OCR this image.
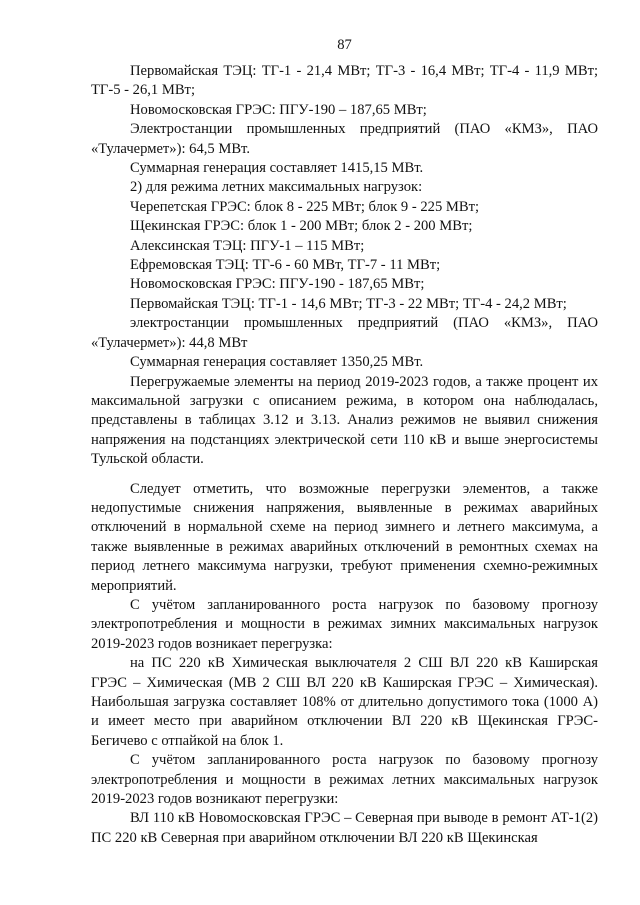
87

Первомайская ТЭЦ: ТГ-1 - 21,4 МВт; ТГ-3 - 16,4 МВт; ТГ-4 - 11,9 МВт; ТГ-5 - 26,1 МВт;

Новомосковская ГРЭС: ПГУ-190 – 187,65 МВт;

Электростанции промышленных предприятий (ПАО «КМЗ», ПАО «Тулачермет»): 64,5 МВт.

Суммарная генерация составляет 1415,15 МВт.

2) для режима летних максимальных нагрузок:

Черепетская ГРЭС: блок 8 - 225 МВт; блок 9 - 225 МВт;

Щекинская ГРЭС: блок 1 - 200 МВт; блок 2 - 200 МВт;

Алексинская ТЭЦ: ПГУ-1 – 115 МВт;

Ефремовская ТЭЦ: ТГ-6 - 60 МВт, ТГ-7 - 11 МВт;

Новомосковская ГРЭС: ПГУ-190 - 187,65 МВт;

Первомайская ТЭЦ: ТГ-1 - 14,6 МВт; ТГ-3 - 22 МВт; ТГ-4 - 24,2 МВт;

электростанции промышленных предприятий (ПАО «КМЗ», ПАО «Тулачермет»): 44,8 МВт

Суммарная генерация составляет 1350,25 МВт.

Перегружаемые элементы на период 2019-2023 годов, а также процент их максимальной загрузки с описанием режима, в котором она наблюдалась, представлены в таблицах 3.12 и 3.13. Анализ режимов не выявил снижения напряжения на подстанциях электрической сети 110 кВ и выше энергосистемы Тульской области.

Следует отметить, что возможные перегрузки элементов, а также недопустимые снижения напряжения, выявленные в режимах аварийных отключений в нормальной схеме на период зимнего и летнего максимума, а также выявленные в режимах аварийных отключений в ремонтных схемах на период летнего максимума нагрузки, требуют применения схемно-режимных мероприятий.

С учётом запланированного роста нагрузок по базовому прогнозу электропотребления и мощности в режимах зимних максимальных нагрузок 2019-2023 годов возникает перегрузка:

на ПС 220 кВ Химическая выключателя 2 СШ ВЛ 220 кВ Каширская ГРЭС – Химическая (МВ 2 СШ ВЛ 220 кВ Каширская ГРЭС – Химическая). Наибольшая загрузка составляет 108% от длительно допустимого тока (1000 А) и имеет место при аварийном отключении ВЛ 220 кВ Щекинская ГРЭС-Бегичево с отпайкой на блок 1.

С учётом запланированного роста нагрузок по базовому прогнозу электропотребления и мощности в режимах летних максимальных нагрузок 2019-2023 годов возникают перегрузки:

ВЛ 110 кВ Новомосковская ГРЭС – Северная при выводе в ремонт АТ-1(2) ПС 220 кВ Северная при аварийном отключении ВЛ 220 кВ Щекинская
